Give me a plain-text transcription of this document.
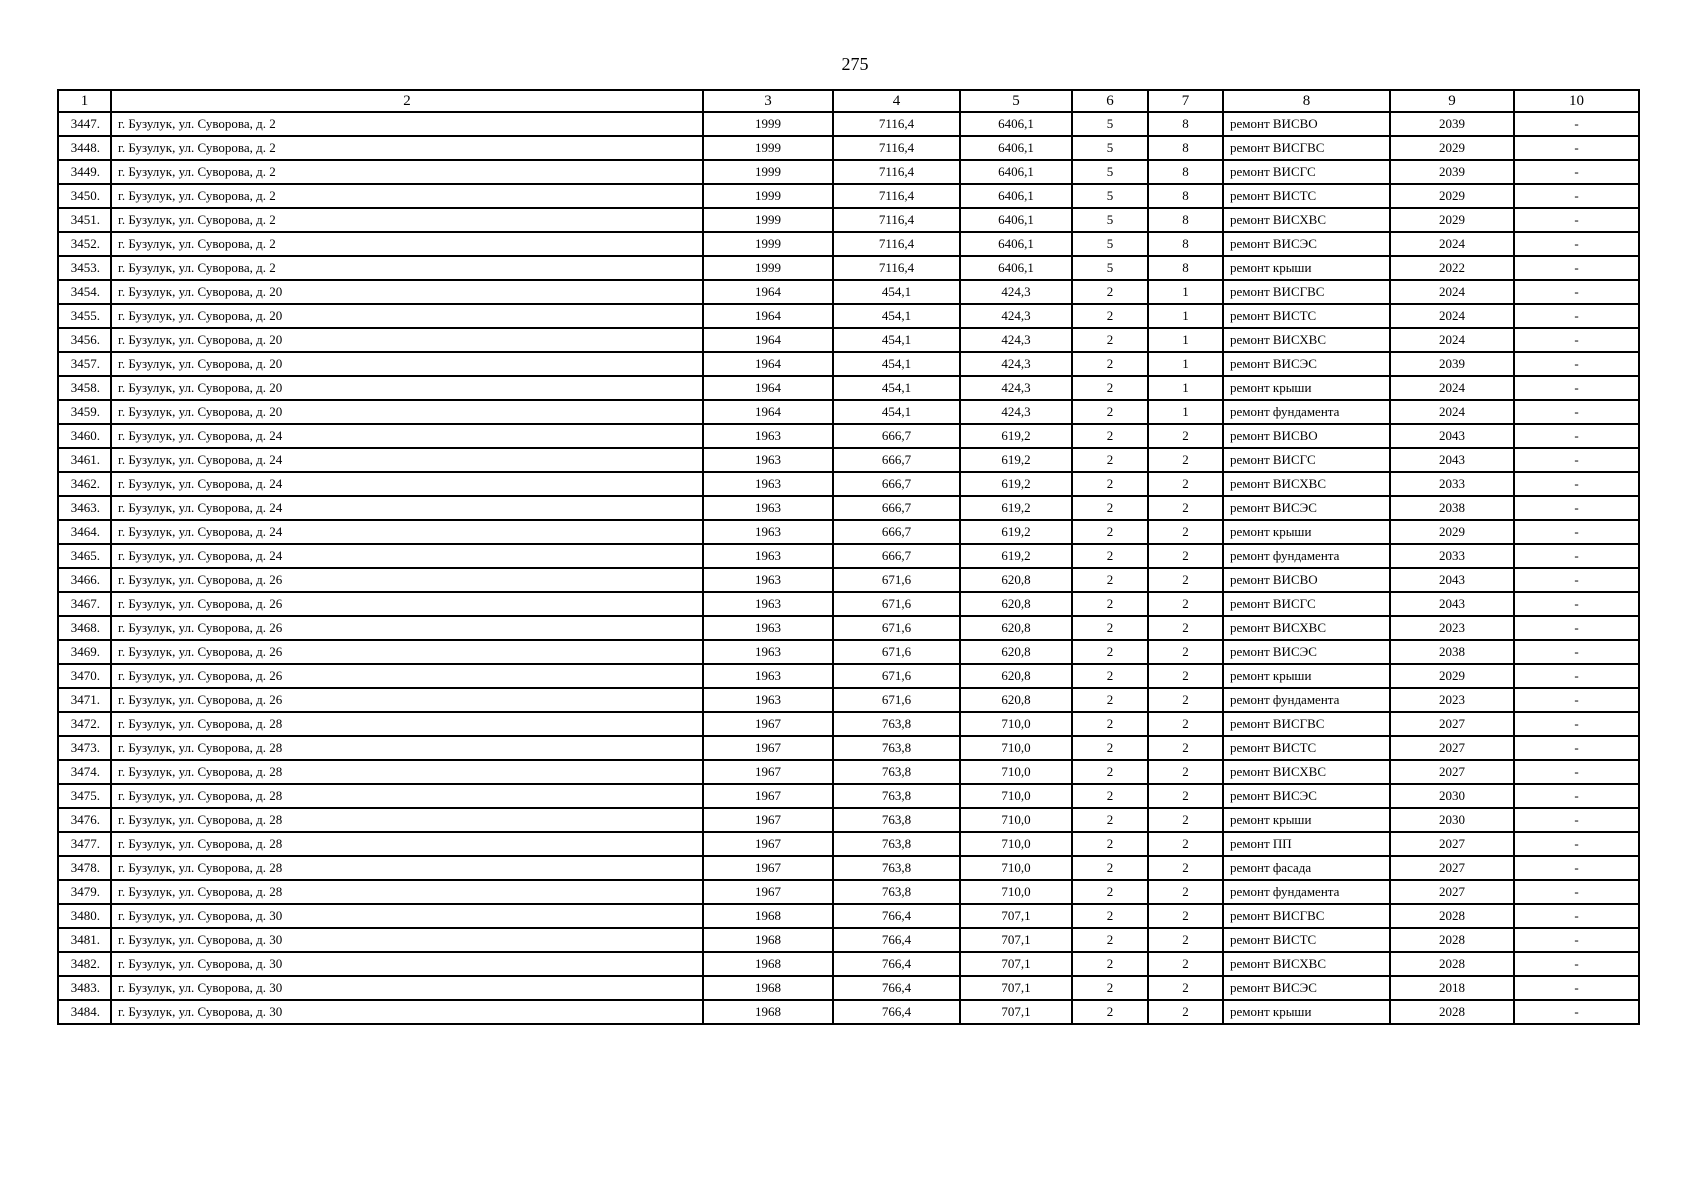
275
1	2	3	4	5	6	7	8	9	10
3447.	г. Бузулук, ул. Суворова, д. 2	1999	7116,4	6406,1	5	8	ремонт ВИСВО	2039	-
3448.	г. Бузулук, ул. Суворова, д. 2	1999	7116,4	6406,1	5	8	ремонт ВИСГВС	2029	-
3449.	г. Бузулук, ул. Суворова, д. 2	1999	7116,4	6406,1	5	8	ремонт ВИСГС	2039	-
3450.	г. Бузулук, ул. Суворова, д. 2	1999	7116,4	6406,1	5	8	ремонт ВИСТС	2029	-
3451.	г. Бузулук, ул. Суворова, д. 2	1999	7116,4	6406,1	5	8	ремонт ВИСХВС	2029	-
3452.	г. Бузулук, ул. Суворова, д. 2	1999	7116,4	6406,1	5	8	ремонт ВИСЭС	2024	-
3453.	г. Бузулук, ул. Суворова, д. 2	1999	7116,4	6406,1	5	8	ремонт крыши	2022	-
3454.	г. Бузулук, ул. Суворова, д. 20	1964	454,1	424,3	2	1	ремонт ВИСГВС	2024	-
3455.	г. Бузулук, ул. Суворова, д. 20	1964	454,1	424,3	2	1	ремонт ВИСТС	2024	-
3456.	г. Бузулук, ул. Суворова, д. 20	1964	454,1	424,3	2	1	ремонт ВИСХВС	2024	-
3457.	г. Бузулук, ул. Суворова, д. 20	1964	454,1	424,3	2	1	ремонт ВИСЭС	2039	-
3458.	г. Бузулук, ул. Суворова, д. 20	1964	454,1	424,3	2	1	ремонт крыши	2024	-
3459.	г. Бузулук, ул. Суворова, д. 20	1964	454,1	424,3	2	1	ремонт фундамента	2024	-
3460.	г. Бузулук, ул. Суворова, д. 24	1963	666,7	619,2	2	2	ремонт ВИСВО	2043	-
3461.	г. Бузулук, ул. Суворова, д. 24	1963	666,7	619,2	2	2	ремонт ВИСГС	2043	-
3462.	г. Бузулук, ул. Суворова, д. 24	1963	666,7	619,2	2	2	ремонт ВИСХВС	2033	-
3463.	г. Бузулук, ул. Суворова, д. 24	1963	666,7	619,2	2	2	ремонт ВИСЭС	2038	-
3464.	г. Бузулук, ул. Суворова, д. 24	1963	666,7	619,2	2	2	ремонт крыши	2029	-
3465.	г. Бузулук, ул. Суворова, д. 24	1963	666,7	619,2	2	2	ремонт фундамента	2033	-
3466.	г. Бузулук, ул. Суворова, д. 26	1963	671,6	620,8	2	2	ремонт ВИСВО	2043	-
3467.	г. Бузулук, ул. Суворова, д. 26	1963	671,6	620,8	2	2	ремонт ВИСГС	2043	-
3468.	г. Бузулук, ул. Суворова, д. 26	1963	671,6	620,8	2	2	ремонт ВИСХВС	2023	-
3469.	г. Бузулук, ул. Суворова, д. 26	1963	671,6	620,8	2	2	ремонт ВИСЭС	2038	-
3470.	г. Бузулук, ул. Суворова, д. 26	1963	671,6	620,8	2	2	ремонт крыши	2029	-
3471.	г. Бузулук, ул. Суворова, д. 26	1963	671,6	620,8	2	2	ремонт фундамента	2023	-
3472.	г. Бузулук, ул. Суворова, д. 28	1967	763,8	710,0	2	2	ремонт ВИСГВС	2027	-
3473.	г. Бузулук, ул. Суворова, д. 28	1967	763,8	710,0	2	2	ремонт ВИСТС	2027	-
3474.	г. Бузулук, ул. Суворова, д. 28	1967	763,8	710,0	2	2	ремонт ВИСХВС	2027	-
3475.	г. Бузулук, ул. Суворова, д. 28	1967	763,8	710,0	2	2	ремонт ВИСЭС	2030	-
3476.	г. Бузулук, ул. Суворова, д. 28	1967	763,8	710,0	2	2	ремонт крыши	2030	-
3477.	г. Бузулук, ул. Суворова, д. 28	1967	763,8	710,0	2	2	ремонт ПП	2027	-
3478.	г. Бузулук, ул. Суворова, д. 28	1967	763,8	710,0	2	2	ремонт фасада	2027	-
3479.	г. Бузулук, ул. Суворова, д. 28	1967	763,8	710,0	2	2	ремонт фундамента	2027	-
3480.	г. Бузулук, ул. Суворова, д. 30	1968	766,4	707,1	2	2	ремонт ВИСГВС	2028	-
3481.	г. Бузулук, ул. Суворова, д. 30	1968	766,4	707,1	2	2	ремонт ВИСТС	2028	-
3482.	г. Бузулук, ул. Суворова, д. 30	1968	766,4	707,1	2	2	ремонт ВИСХВС	2028	-
3483.	г. Бузулук, ул. Суворова, д. 30	1968	766,4	707,1	2	2	ремонт ВИСЭС	2018	-
3484.	г. Бузулук, ул. Суворова, д. 30	1968	766,4	707,1	2	2	ремонт крыши	2028	-
